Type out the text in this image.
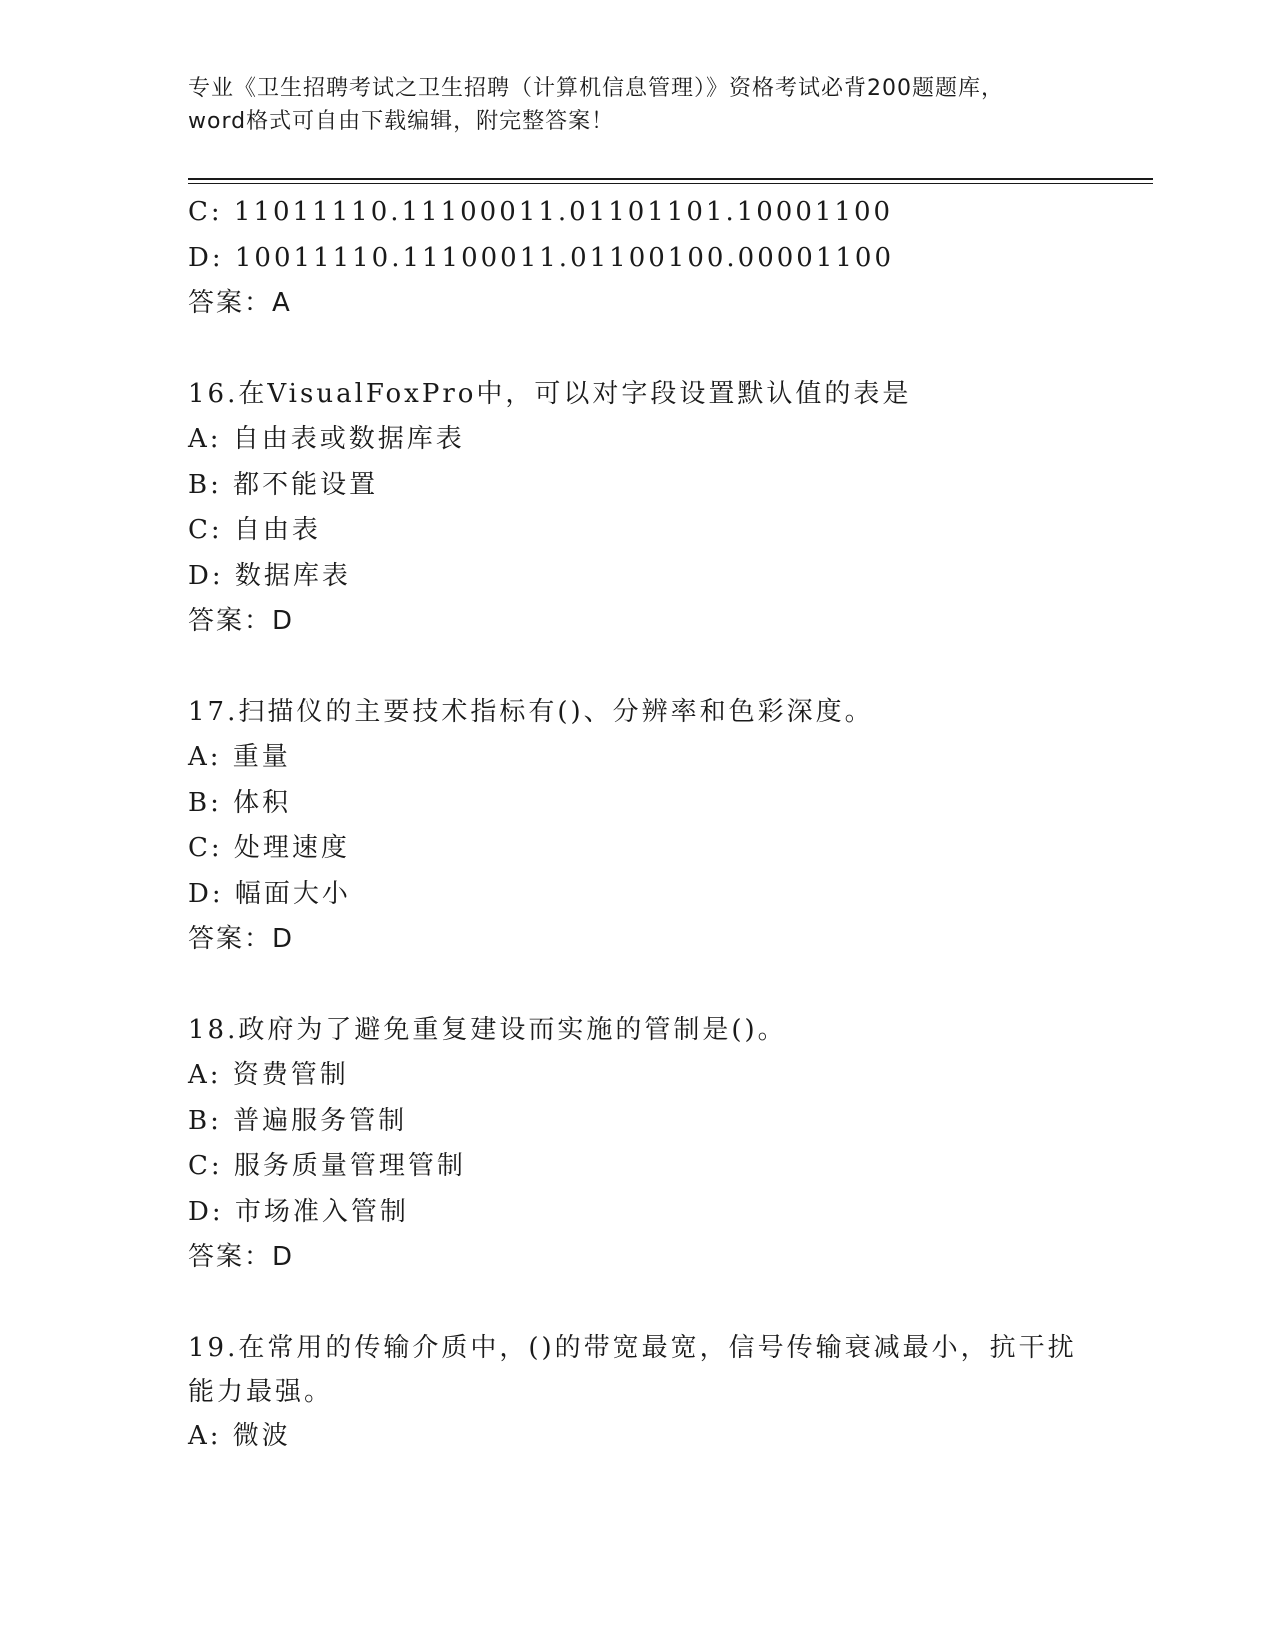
专业《卫生招聘考试之卫生招聘（计算机信息管理）》资格考试必背200题题库，
word格式可自由下载编辑，附完整答案！
C: 11011110.11100011.01101101.10001100
D: 10011110.11100011.01100100.00001100
答案：A
16.在VisualFoxPro中，可以对字段设置默认值的表是
A: 自由表或数据库表
B: 都不能设置
C: 自由表
D: 数据库表
答案：D
17.扫描仪的主要技术指标有()、分辨率和色彩深度。
A: 重量
B: 体积
C: 处理速度
D: 幅面大小
答案：D
18.政府为了避免重复建设而实施的管制是()。
A: 资费管制
B: 普遍服务管制
C: 服务质量管理管制
D: 市场准入管制
答案：D
19.在常用的传输介质中，()的带宽最宽，信号传输衰减最小，抗干扰能力最强。
A: 微波
